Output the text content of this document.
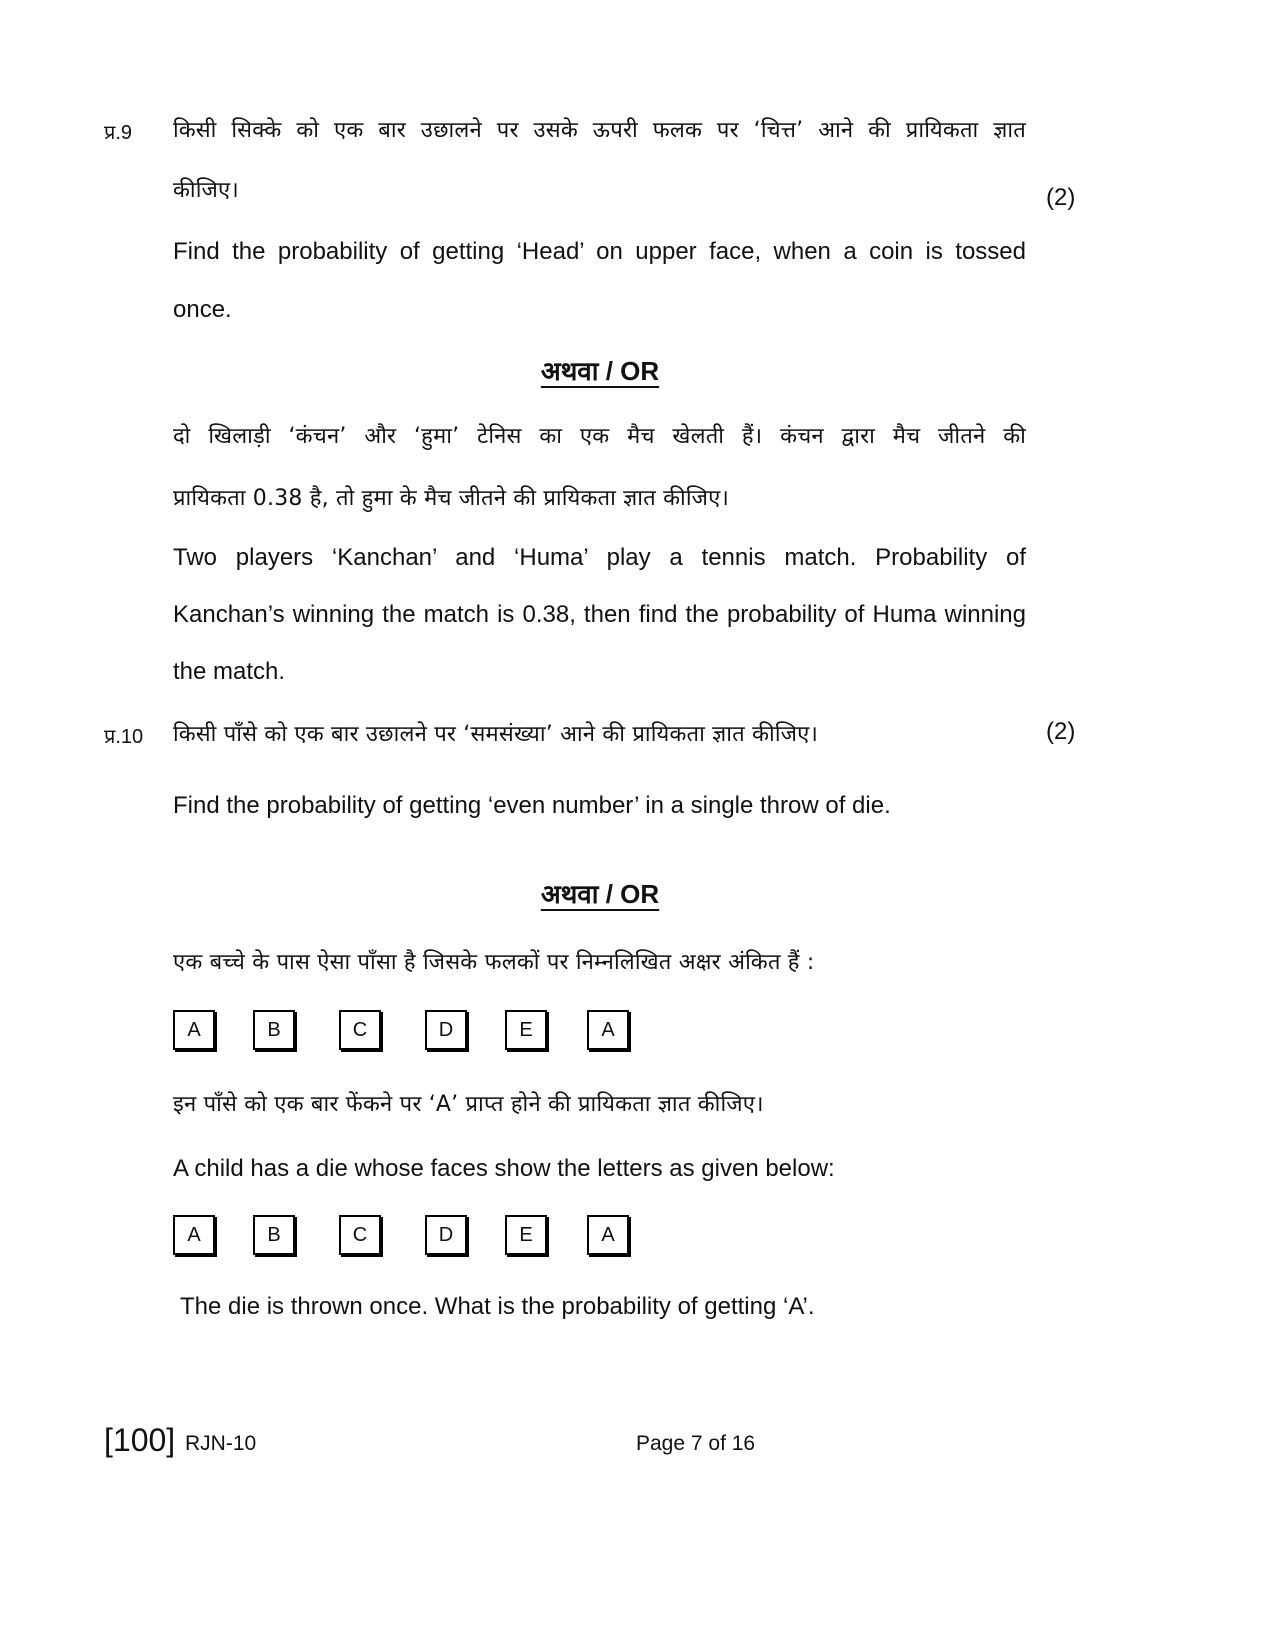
प्र.9 किसी सिक्के को एक बार उछालने पर उसके ऊपरी फलक पर ‘चित्त’ आने की प्रायिकता ज्ञात
कीजिए।	(2)
Find the probability of getting ‘Head’ on upper face, when a coin is tossed
once.
अथवा / OR
दो खिलाड़ी ‘कंचन’ और ‘हुमा’ टेनिस का एक मैच खेलती हैं। कंचन द्वारा मैच जीतने की
प्रायिकता 0.38 है, तो हुमा के मैच जीतने की प्रायिकता ज्ञात कीजिए।
Two players ‘Kanchan’ and ‘Huma’ play a tennis match. Probability of
Kanchan’s winning the match is 0.38, then find the probability of Huma winning
the match.
प्र.10 किसी पाँसे को एक बार उछालने पर ‘समसंख्या’ आने की प्रायिकता ज्ञात कीजिए।	(2)
Find the probability of getting ‘even number’ in a single throw of die.
अथवा / OR
एक बच्चे के पास ऐसा पाँसा है जिसके फलकों पर निम्नलिखित अक्षर अंकित हैं :
A	B	C	D	E	A
इन पाँसे को एक बार फेंकने पर ‘A’ प्राप्त होने की प्रायिकता ज्ञात कीजिए।
A child has a die whose faces show the letters as given below:
A	B	C	D	E	A
The die is thrown once. What is the probability of getting ‘A’.
[100] RJN-10	Page 7 of 16
